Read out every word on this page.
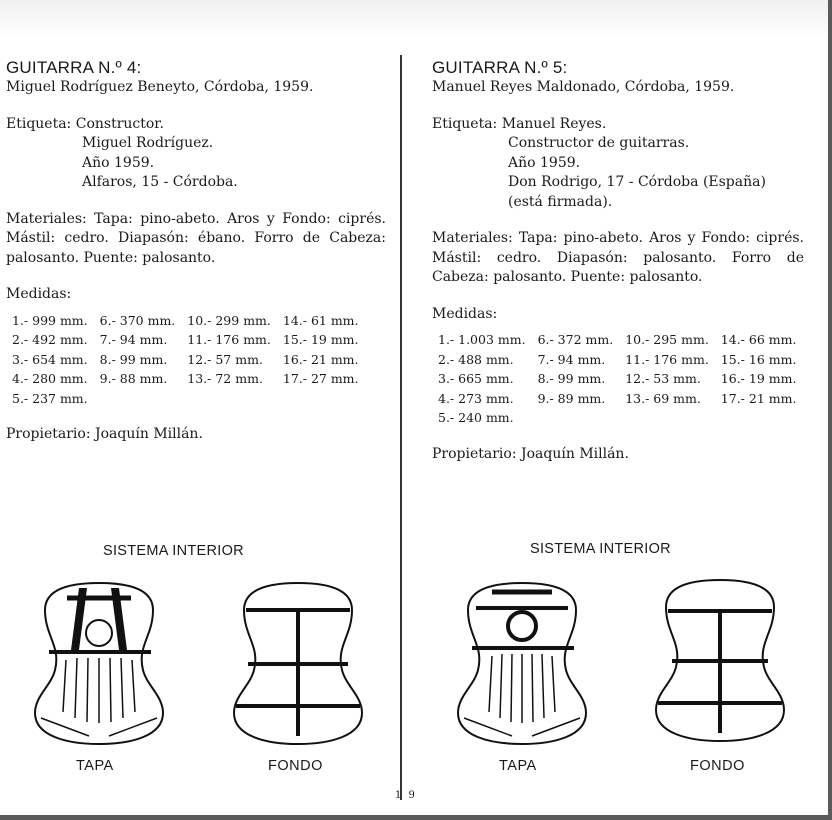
GUITARRA N.º 4:
Miguel Rodríguez Beneyto, Córdoba, 1959.
Etiqueta: Constructor.
Miguel Rodríguez.
Año 1959.
Alfaros, 15 - Córdoba.
Materiales: Tapa: pino-abeto. Aros y Fondo: ciprés. Mástil: cedro. Diapasón: ébano. Forro de Cabeza: palosanto. Puente: palosanto.
Medidas:
1.- 999 mm.	6.- 370 mm.	10.- 299 mm.	14.- 61 mm.
2.- 492 mm.	7.- 94 mm.	11.- 176 mm.	15.- 19 mm.
3.- 654 mm.	8.- 99 mm.	12.- 57 mm.	16.- 21 mm.
4.- 280 mm.	9.- 88 mm.	13.- 72 mm.	17.- 27 mm.
5.- 237 mm.			
Propietario: Joaquín Millán.
GUITARRA N.º 5:
Manuel Reyes Maldonado, Córdoba, 1959.
Etiqueta: Manuel Reyes.
Constructor de guitarras.
Año 1959.
Don Rodrigo, 17 - Córdoba (España)
(está firmada).
Materiales: Tapa: pino-abeto. Aros y Fondo: ciprés. Mástil: cedro. Diapasón: palosanto. Forro de Cabeza: palosanto. Puente: palosanto.
Medidas:
1.- 1.003 mm.	6.- 372 mm.	10.- 295 mm.	14.- 66 mm.
2.- 488 mm.	7.- 94 mm.	11.- 176 mm.	15.- 16 mm.
3.- 665 mm.	8.- 99 mm.	12.- 53 mm.	16.- 19 mm.
4.- 273 mm.	9.- 89 mm.	13.- 69 mm.	17.- 21 mm.
5.- 240 mm.			
Propietario: Joaquín Millán.
SISTEMA INTERIOR	SISTEMA INTERIOR
TAPA	FONDO	TAPA	FONDO
1 9
